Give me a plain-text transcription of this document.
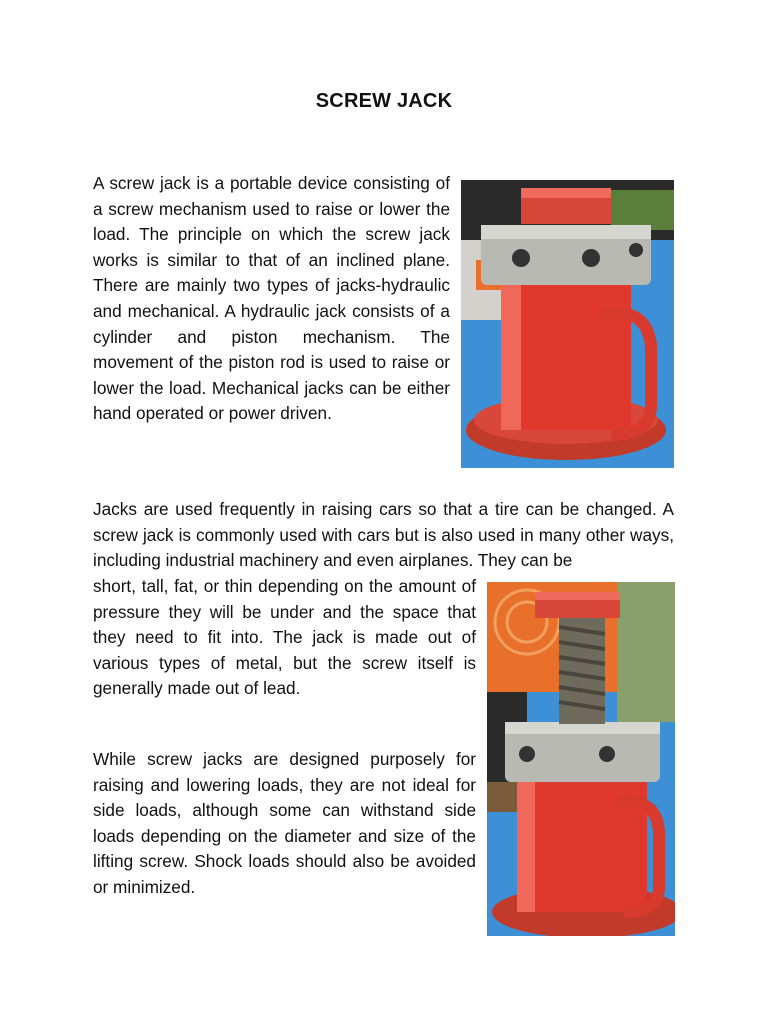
SCREW JACK

A screw jack is a portable device consisting of a screw mechanism used to raise or lower the load. The principle on which the screw jack works is similar to that of an inclined plane. There are mainly two types of jacks-hydraulic and mechanical. A hydraulic jack consists of a cylinder and piston mechanism. The movement of the piston rod is used to raise or lower the load. Mechanical jacks can be either hand operated or power driven.

Jacks are used frequently in raising cars so that a tire can be changed. A screw jack is commonly used with cars but is also used in many other ways, including industrial machinery and even airplanes. They can be

short, tall, fat, or thin depending on the amount of pressure they will be under and the space that they need to fit into. The jack is made out of various types of metal, but the screw itself is generally made out of lead.

While screw jacks are designed purposely for raising and lowering loads, they are not ideal for side loads, although some can withstand side loads depending on the diameter and size of the lifting screw. Shock loads should also be avoided or minimized.
